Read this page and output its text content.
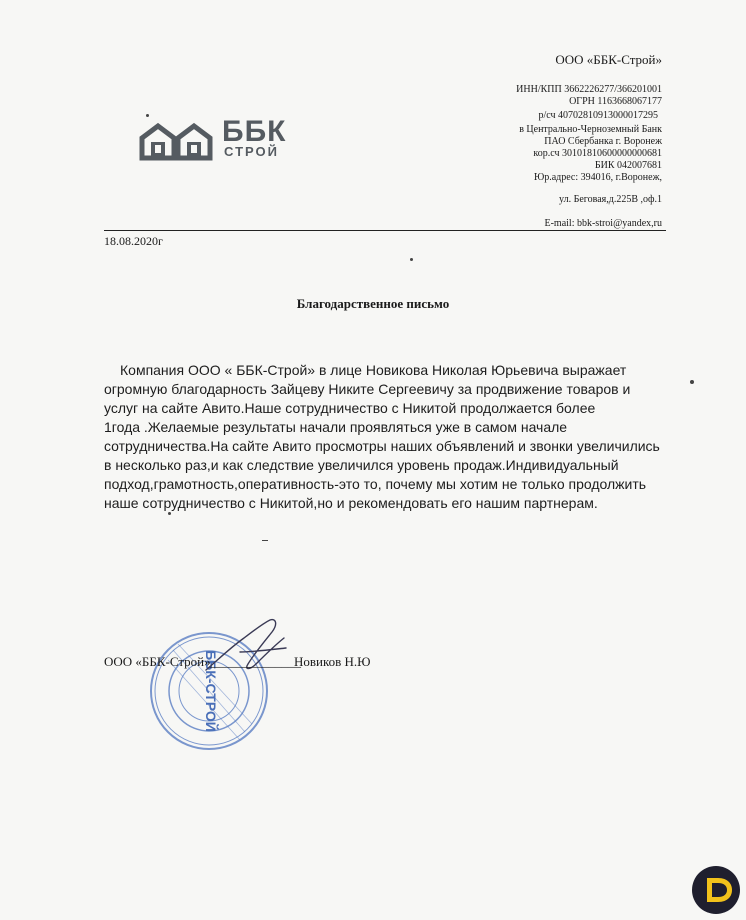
ООО «ББК-Строй»
ИНН/КПП 3662226277/366201001
ОГРН 1163668067177
р/сч 40702810913000017295
в Центрально-Черноземный Банк
ПАО Сбербанка г. Воронеж
кор.сч 30101810600000000681
БИК 042007681
Юр.адрес: 394016, г.Воронеж,
ул. Беговая,д.225В ,оф.1
E-mail: bbk-stroi@yandex,ru
ББК
СТРОЙ
18.08.2020г
Благодарственное письмо
Компания ООО « ББК-Строй» в лице Новикова Николая Юрьевича выражает
огромную благодарность Зайцеву Никите Сергеевичу за продвижение товаров и
услуг на сайте Авито.Наше сотрудничество с Никитой продолжается более
1года .Желаемые результаты начали проявляться уже в самом начале
сотрудничества.На сайте Авито просмотры наших объявлений и звонки увеличились
в несколько раз,и как следствие увеличился уровень продаж.Индивидуальный
подход,грамотность,оперативность-это то, почему мы хотим не только продолжить
наше сотрудничество с Никитой,но и рекомендовать его нашим партнерам.
ББК-СТРОЙ
ООО «ББК-Строй» ______________
Новиков Н.Ю
